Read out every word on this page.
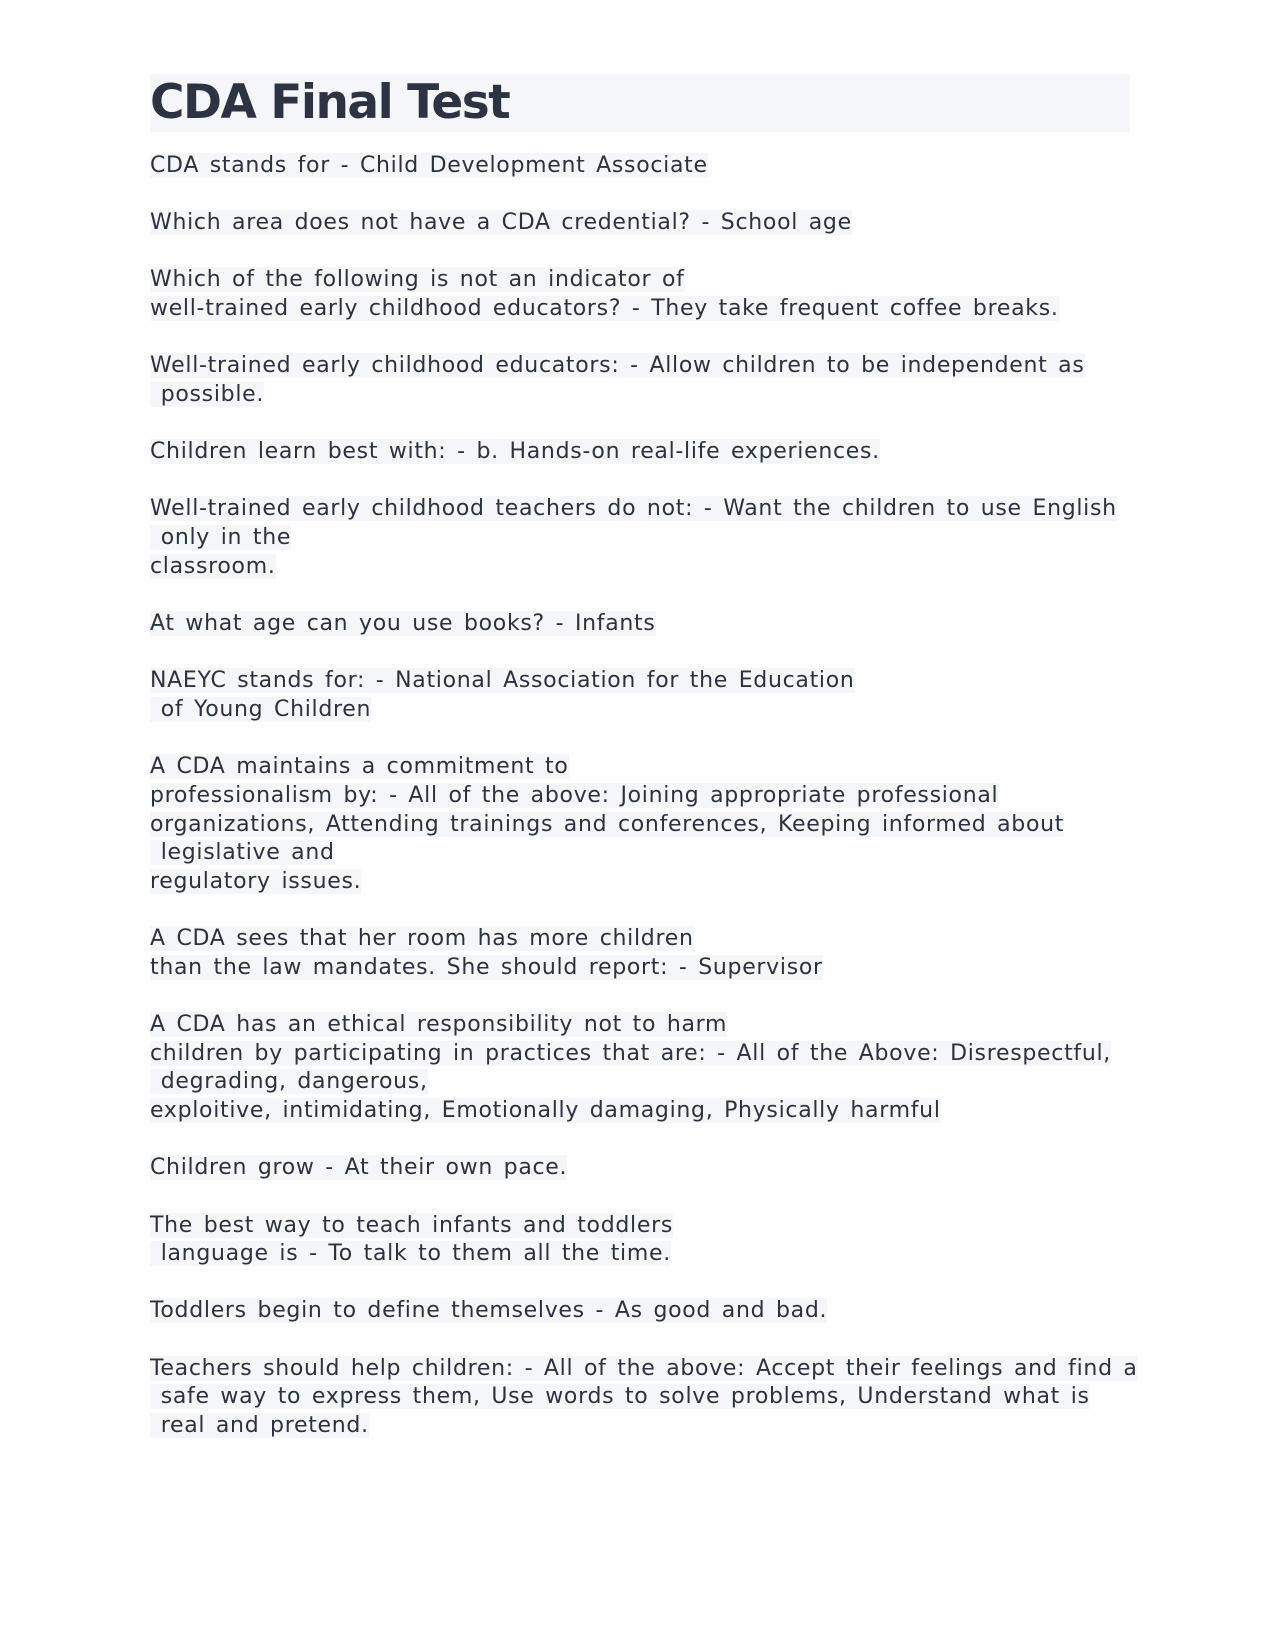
CDA Final Test
CDA stands for - Child Development Associate
Which area does not have a CDA credential? - School age
Which of the following is not an indicator of
well-trained early childhood educators? - They take frequent coffee breaks.
Well-trained early childhood educators: - Allow children to be independent as
possible.
Children learn best with: - b. Hands-on real-life experiences.
Well-trained early childhood teachers do not: - Want the children to use English
only in the
classroom.
At what age can you use books? - Infants
NAEYC stands for: - National Association for the Education
of Young Children
A CDA maintains a commitment to
professionalism by: - All of the above: Joining appropriate professional
organizations, Attending trainings and conferences, Keeping informed about
legislative and
regulatory issues.
A CDA sees that her room has more children
than the law mandates. She should report: - Supervisor
A CDA has an ethical responsibility not to harm
children by participating in practices that are: - All of the Above: Disrespectful,
degrading, dangerous,
exploitive, intimidating, Emotionally damaging, Physically harmful
Children grow - At their own pace.
The best way to teach infants and toddlers
language is - To talk to them all the time.
Toddlers begin to define themselves - As good and bad.
Teachers should help children: - All of the above: Accept their feelings and find a
safe way to express them, Use words to solve problems, Understand what is
real and pretend.
